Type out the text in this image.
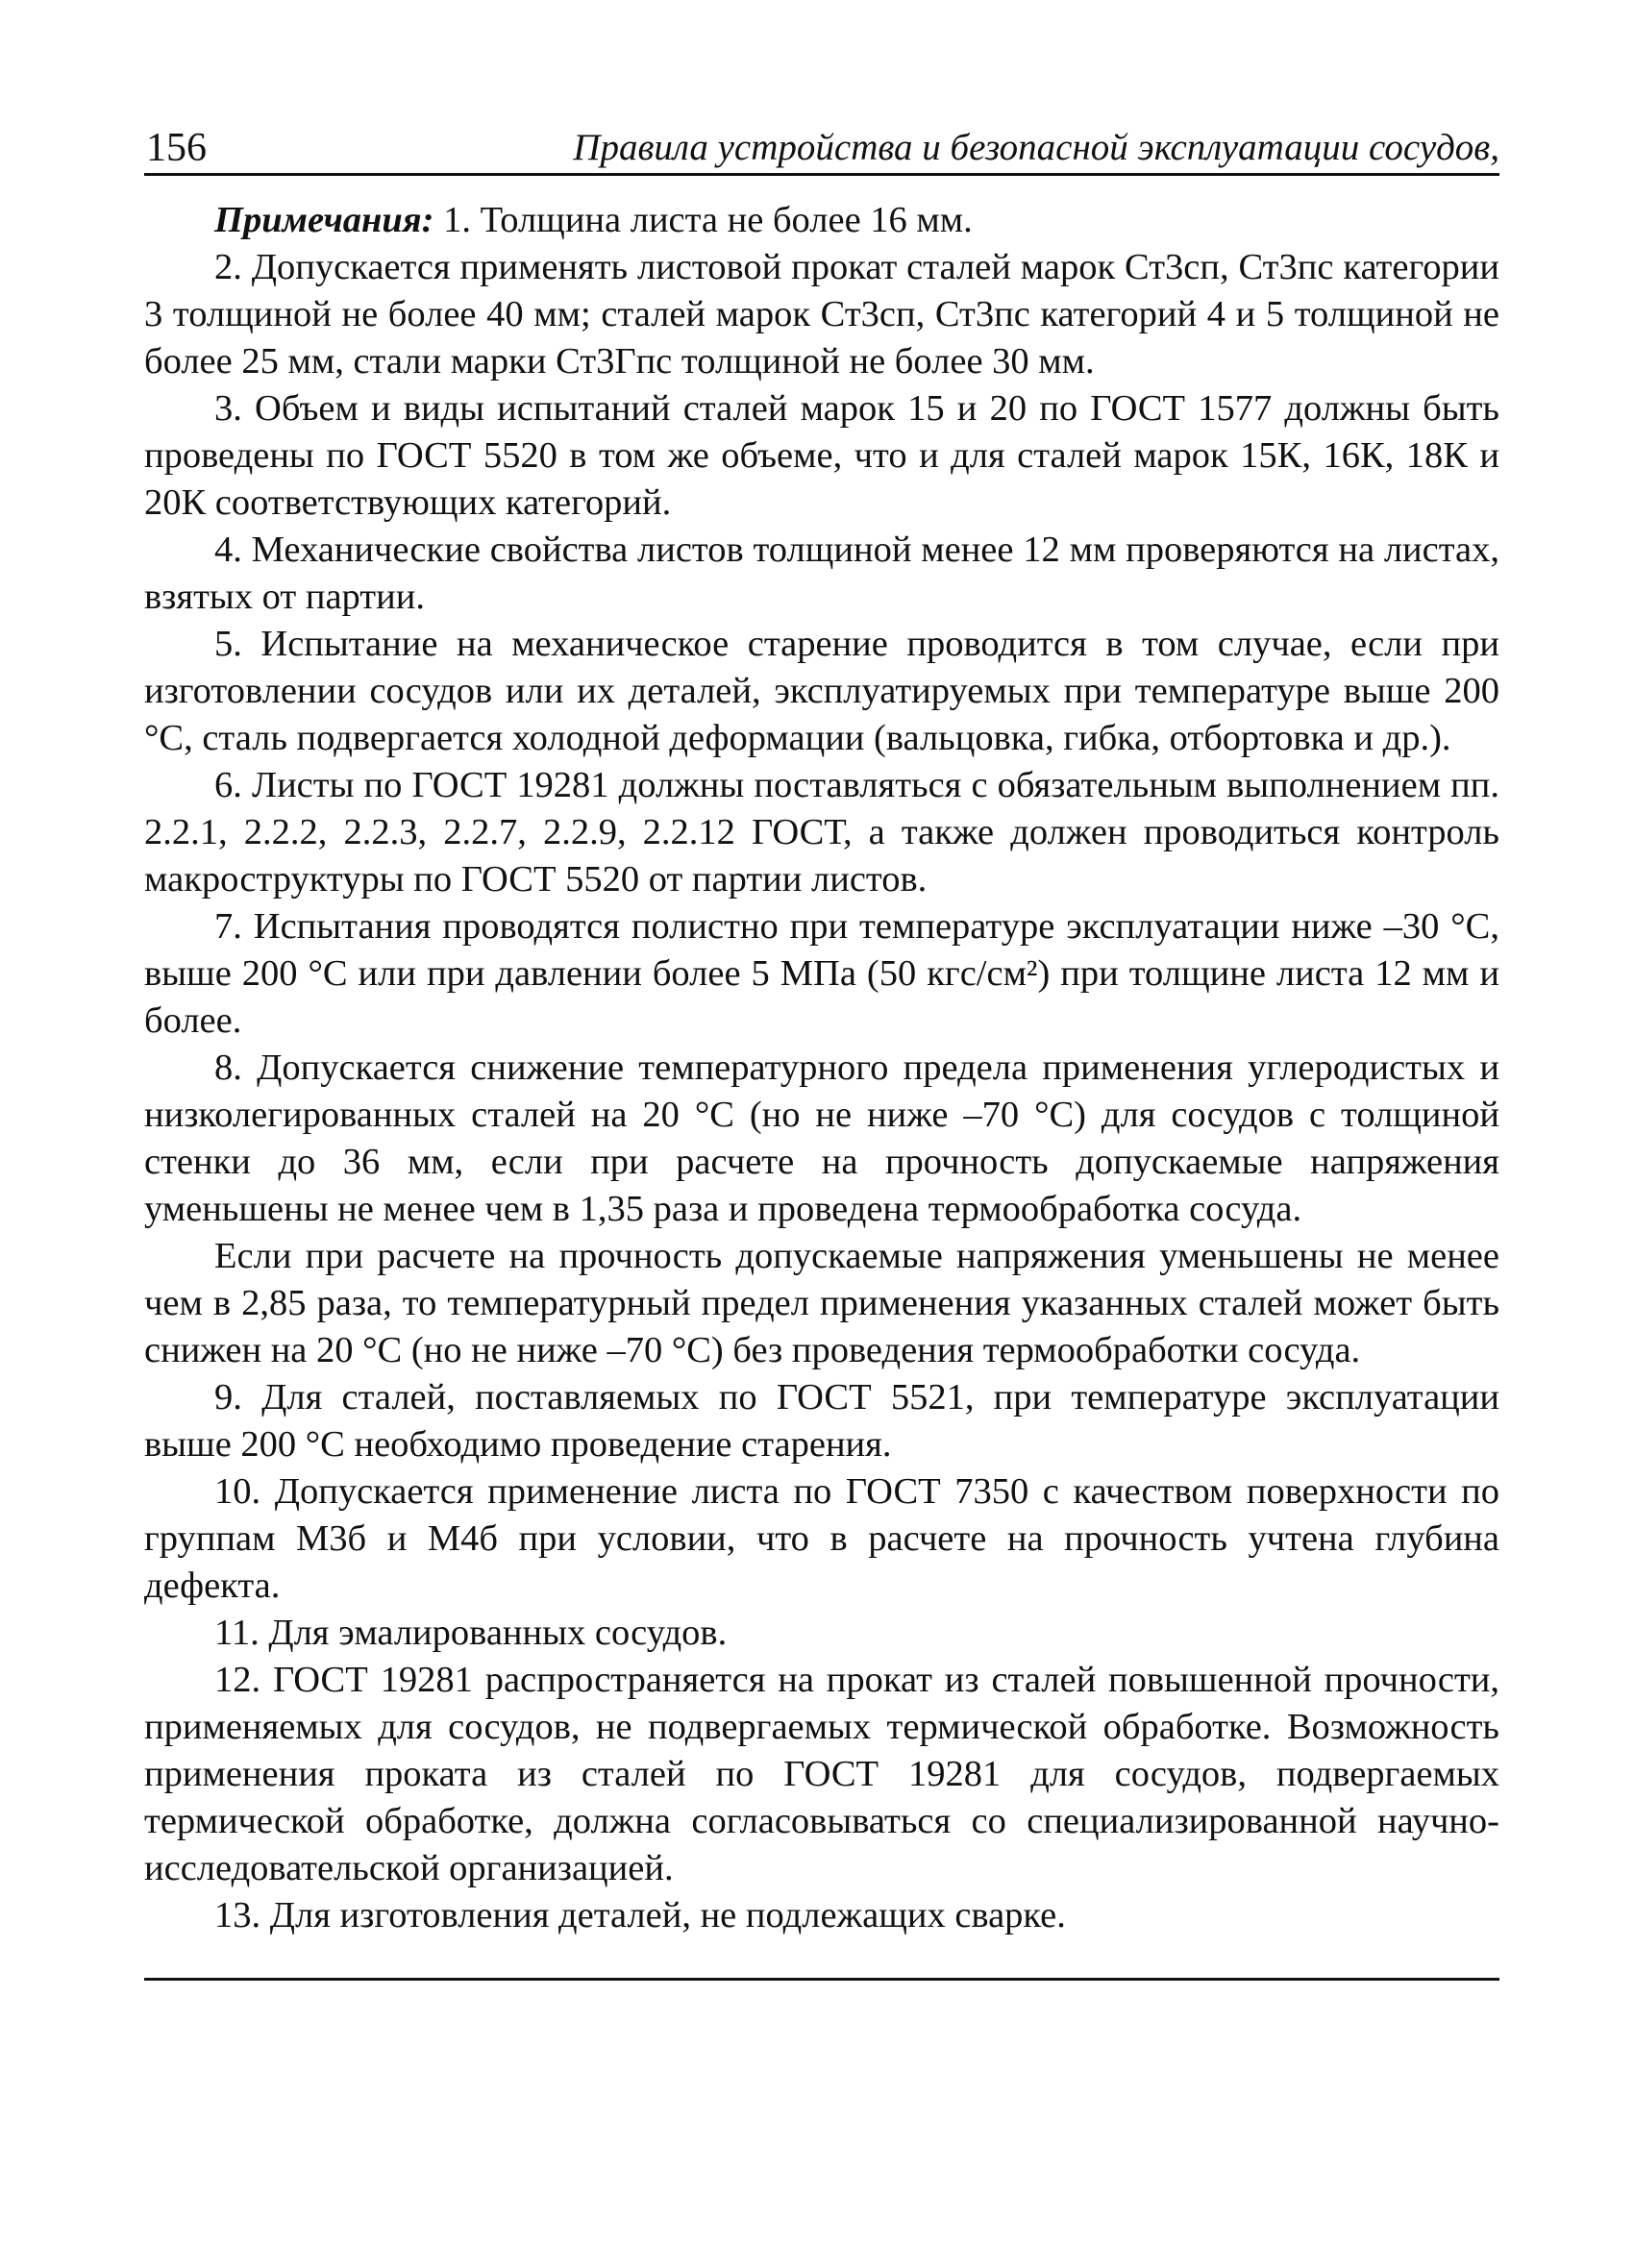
156	Правила устройства и безопасной эксплуатации сосудов,

Примечания: 1. Толщина листа не более 16 мм.

2. Допускается применять листовой прокат сталей марок Ст3сп, Ст3пс категории 3 толщиной не более 40 мм; сталей марок Ст3сп, Ст3пс категорий 4 и 5 толщиной не более 25 мм, стали марки Ст3Гпс толщиной не более 30 мм.

3. Объем и виды испытаний сталей марок 15 и 20 по ГОСТ 1577 должны быть проведены по ГОСТ 5520 в том же объеме, что и для сталей марок 15К, 16К, 18К и 20К соответствующих категорий.

4. Механические свойства листов толщиной менее 12 мм проверяются на листах, взятых от партии.

5. Испытание на механическое старение проводится в том случае, если при изготовлении сосудов или их деталей, эксплуатируемых при температуре выше 200 °С, сталь подвергается холодной деформации (вальцовка, гибка, отбортовка и др.).

6. Листы по ГОСТ 19281 должны поставляться с обязательным выполнением пп. 2.2.1, 2.2.2, 2.2.3, 2.2.7, 2.2.9, 2.2.12 ГОСТ, а также должен проводиться контроль макроструктуры по ГОСТ 5520 от партии листов.

7. Испытания проводятся полистно при температуре эксплуатации ниже –30 °С, выше 200 °С или при давлении более 5 МПа (50 кгс/см²) при толщине листа 12 мм и более.

8. Допускается снижение температурного предела применения углеродистых и низколегированных сталей на 20 °С (но не ниже –70 °С) для сосудов с толщиной стенки до 36 мм, если при расчете на прочность допускаемые напряжения уменьшены не менее чем в 1,35 раза и проведена термообработка сосуда.

Если при расчете на прочность допускаемые напряжения уменьшены не менее чем в 2,85 раза, то температурный предел применения указанных сталей может быть снижен на 20 °С (но не ниже –70 °С) без проведения термообработки сосуда.

9. Для сталей, поставляемых по ГОСТ 5521, при температуре эксплуатации выше 200 °С необходимо проведение старения.

10. Допускается применение листа по ГОСТ 7350 с качеством поверхности по группам М3б и М4б при условии, что в расчете на прочность учтена глубина дефекта.

11. Для эмалированных сосудов.

12. ГОСТ 19281 распространяется на прокат из сталей повышенной прочности, применяемых для сосудов, не подвергаемых термической обработке. Возможность применения проката из сталей по ГОСТ 19281 для сосудов, подвергаемых термической обработке, должна согласовываться со специализированной научно-исследовательской организацией.

13. Для изготовления деталей, не подлежащих сварке.
